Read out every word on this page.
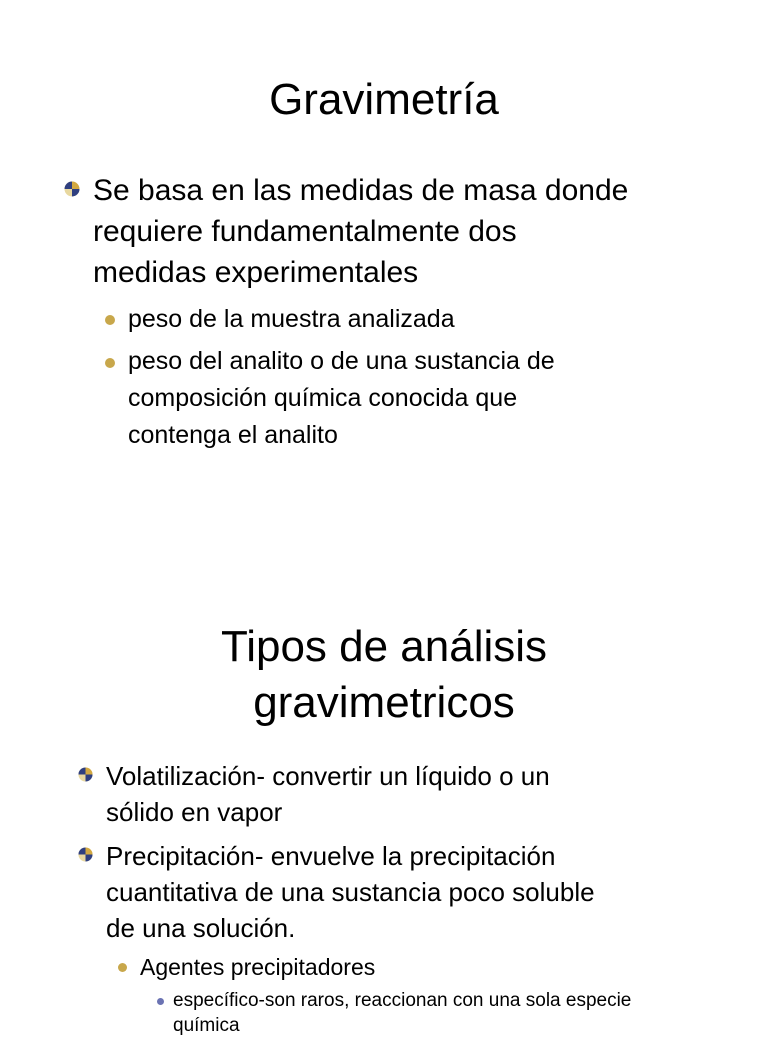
Gravimetría
Se basa en las medidas de masa donde
requiere fundamentalmente dos
medidas experimentales
peso de la muestra analizada
peso del analito o de una sustancia de
composición química conocida que
contenga el analito
Tipos de análisis
gravimetricos
Volatilización- convertir un líquido o un
sólido en vapor
Precipitación- envuelve la precipitación
cuantitativa de una sustancia poco soluble
de una solución.
Agentes precipitadores
específico-son raros, reaccionan con una sola especie
química
